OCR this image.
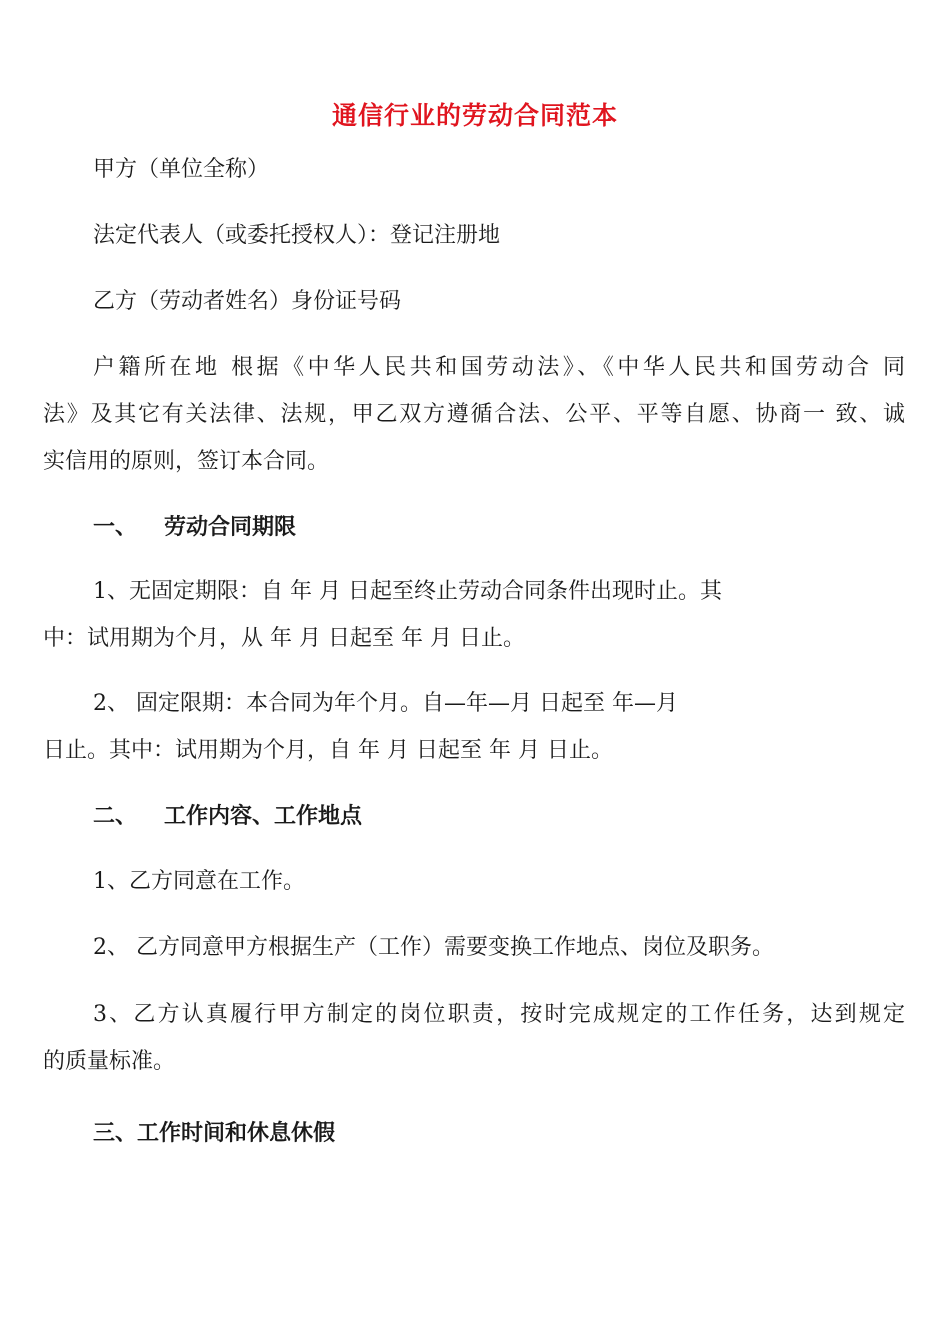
通信行业的劳动合同范本
甲方（单位全称）
法定代表人（或委托授权人）：登记注册地
乙方（劳动者姓名）身份证号码
户籍所在地 根据《中华人民共和国劳动法》、《中华人民共和国劳动合 同
法》及其它有关法律、法规，甲乙双方遵循合法、公平、平等自愿、协商一 致、诚
实信用的原则，签订本合同。
一、 劳动合同期限
1、无固定期限：自 年 月 日起至终止劳动合同条件出现时止。其
中：试用期为个月，从 年 月 日起至 年 月 日止。
2、 固定限期：本合同为年个月。自—年—月 日起至 年—月
日止。其中：试用期为个月，自 年 月 日起至 年 月 日止。
二、 工作内容、工作地点
1、乙方同意在工作。
2、 乙方同意甲方根据生产（工作）需要变换工作地点、岗位及职务。
3、乙方认真履行甲方制定的岗位职责，按时完成规定的工作任务，达到规定
的质量标准。
三、工作时间和休息休假
